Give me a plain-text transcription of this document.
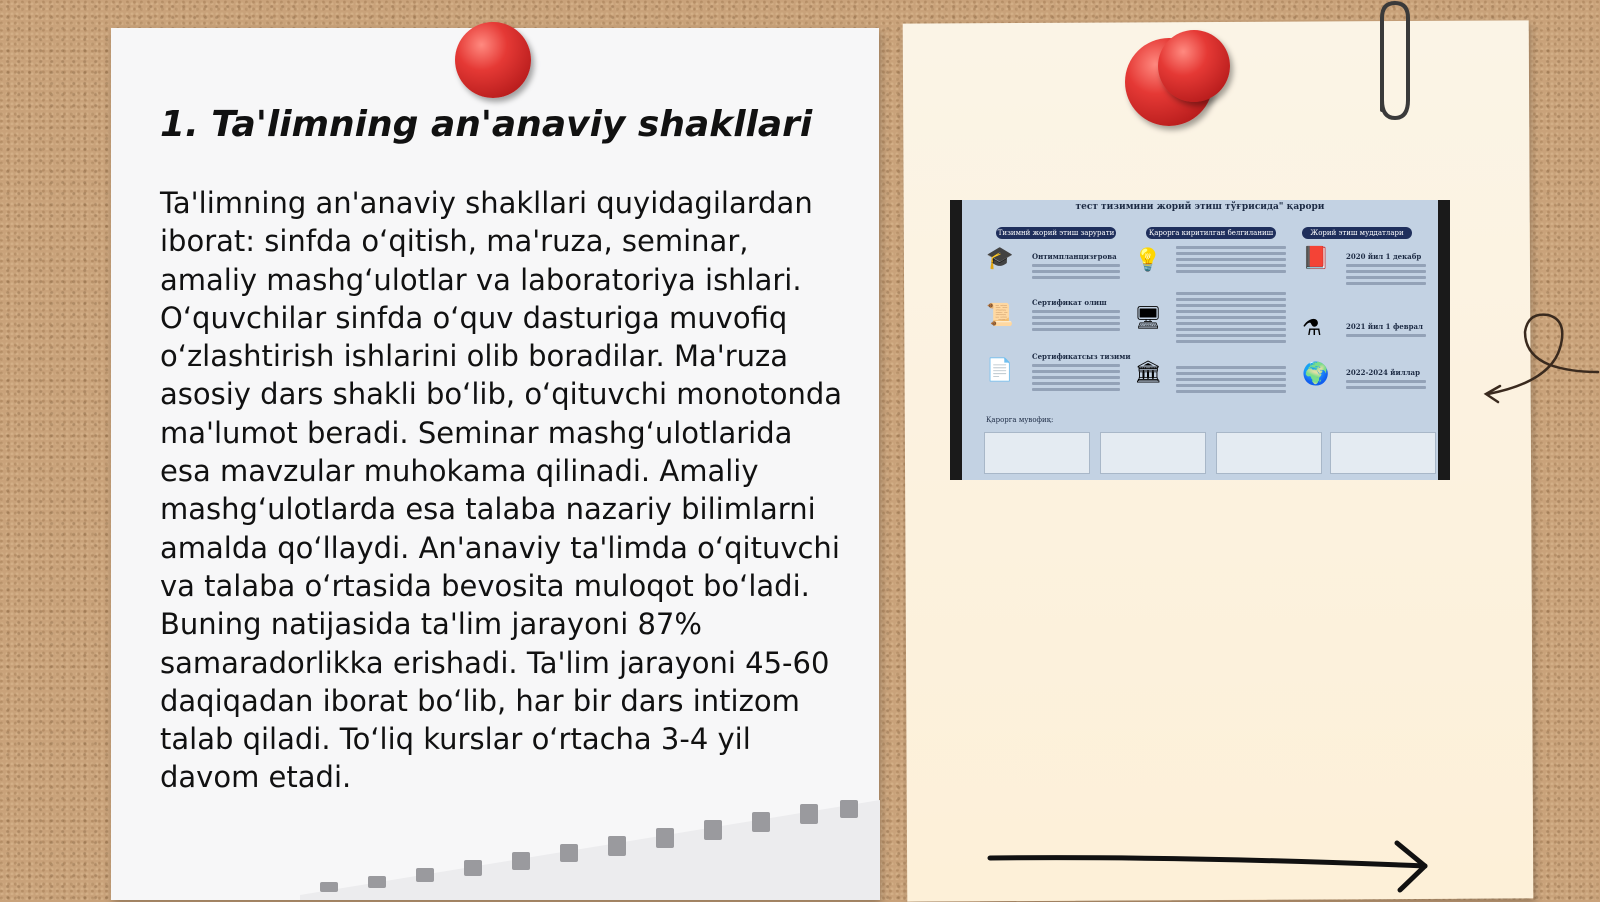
1. Ta'limning an'anaviy shakllari

Ta'limning an'anaviy shakllari quyidagilardan iborat: sinfda o‘qitish, ma'ruza, seminar, amaliy mashg‘ulotlar va laboratoriya ishlari. O‘quvchilar sinfda o‘quv dasturiga muvofiq o‘zlashtirish ishlarini olib boradilar. Ma'ruza asosiy dars shakli bo‘lib, o‘qituvchi monotonda ma'lumot beradi. Seminar mashg‘ulotlarida esa mavzular muhokama qilinadi. Amaliy mashg‘ulotlarda esa talaba nazariy bilimlarni amalda qo‘llaydi. An'anaviy ta'limda o‘qituvchi va talaba o‘rtasida bevosita muloqot bo‘ladi. Buning natijasida ta'lim jarayoni 87% samaradorlikka erishadi. Ta'lim jarayoni 45-60 daqiqadan iborat bo‘lib, har bir dars intizom talab qiladi. To‘liq kurslar o‘rtacha 3-4 yil davom etadi.

тест тизимини жорий этиш тўғрисида" қарори
Тизимнй жорий этиш зарурати	Қарорга киритилган белгиланиш	Жорий этиш муддатлари
🎓
📜
📄
Онтимпланцизғрова
Сертификат олиш
Сертификатсыз тизими
💡
🖥
🏛
📕
⚗
🌍
2020 йил 1 декабр
2021 йил 1 феврал
2022-2024 йиллар
Қарорга мувофиқ:
